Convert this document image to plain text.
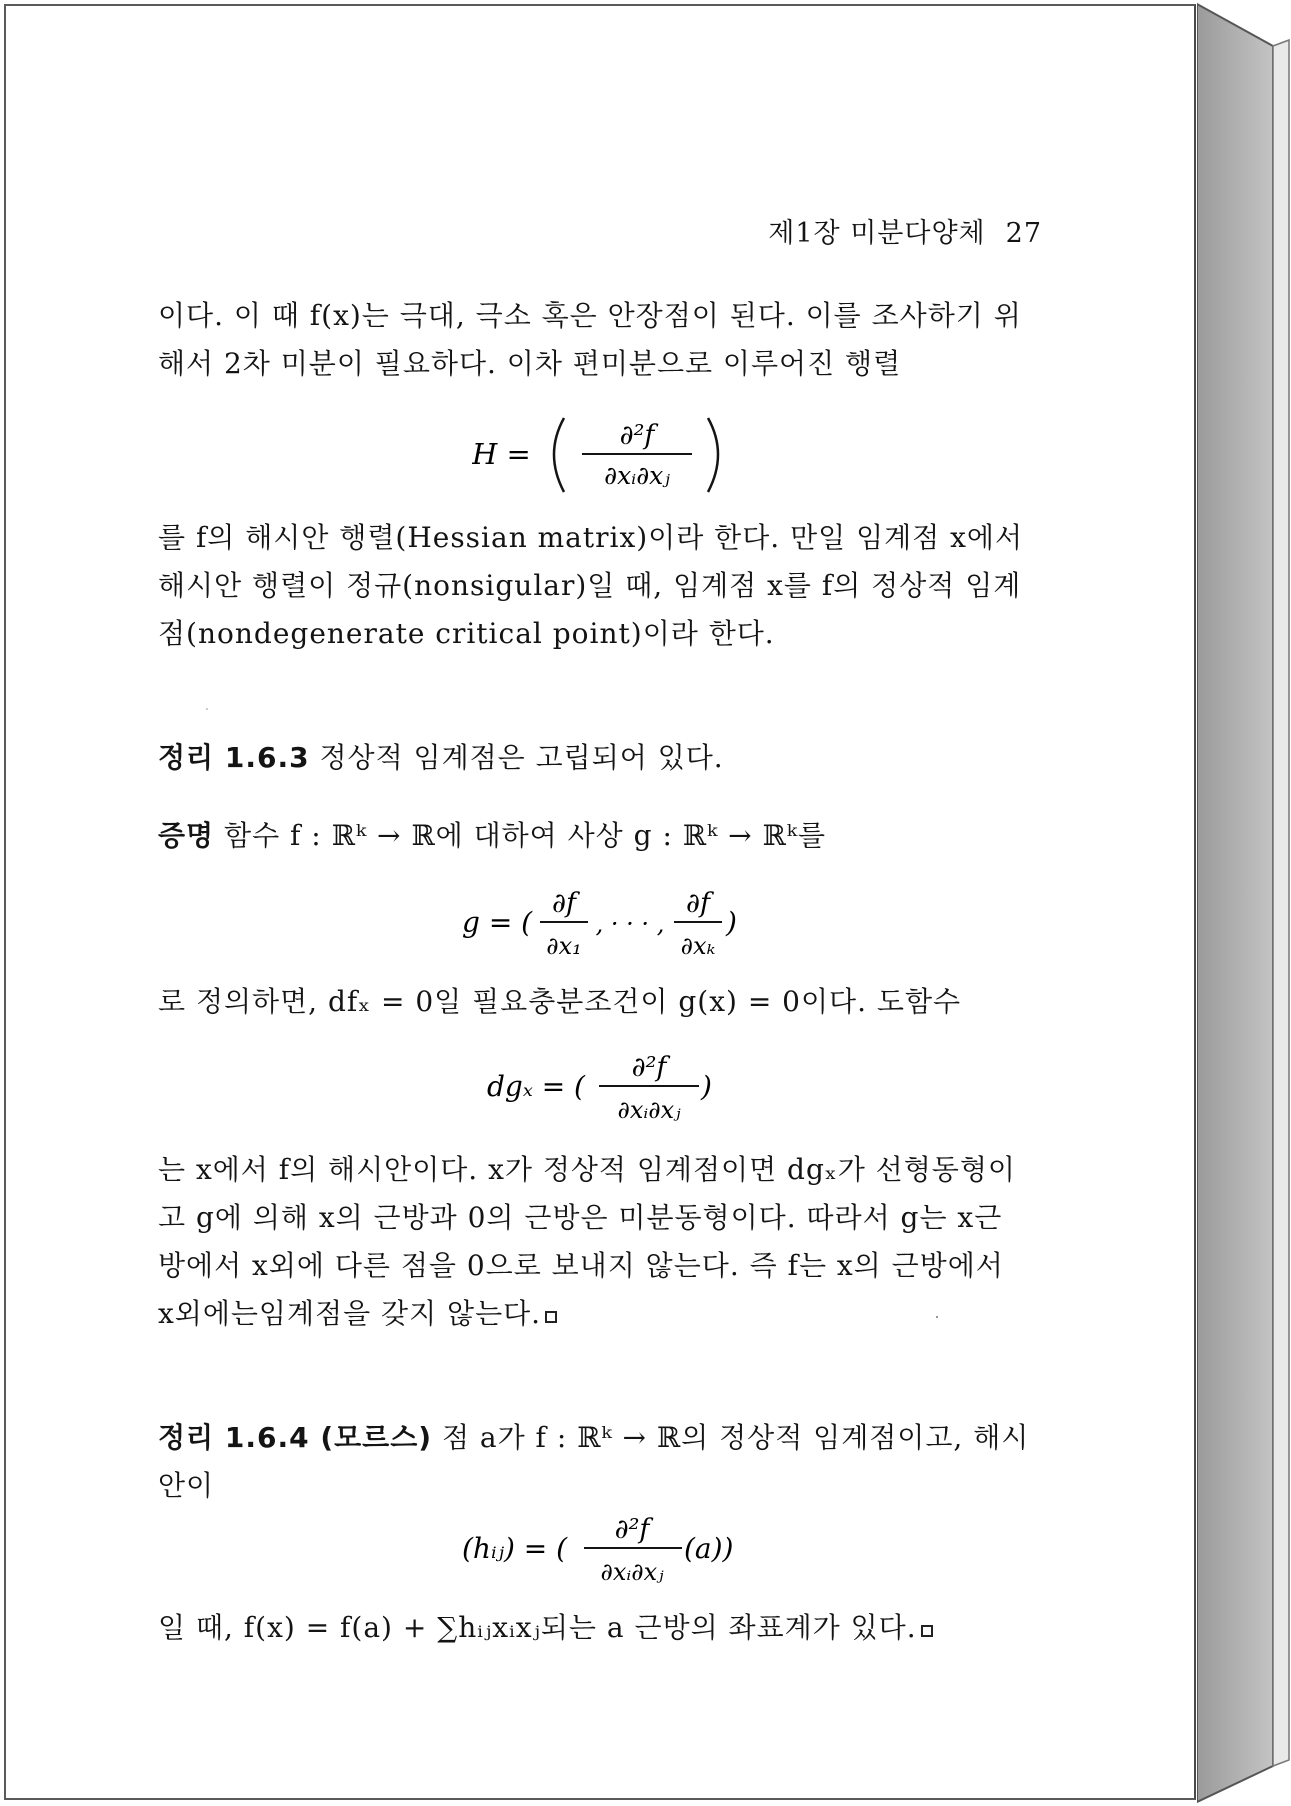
제1장 미분다양체 27
이다. 이 때 f(x)는 극대, 극소 혹은 안장점이 된다. 이를 조사하기 위
해서 2차 미분이 필요하다. 이차 편미분으로 이루어진 행렬
H =
∂²f
∂xᵢ∂xⱼ
를 f의 해시안 행렬(Hessian matrix)이라 한다. 만일 임계점 x에서
해시안 행렬이 정규(nonsigular)일 때, 임계점 x를 f의 정상적 임계
점(nondegenerate critical point)이라 한다.
정리 1.6.3 정상적 임계점은 고립되어 있다.
증명 함수 f : ℝᵏ → ℝ에 대하여 사상 g : ℝᵏ → ℝᵏ를
g = (
∂f
∂x₁
, · · · ,
∂f
∂xₖ
)
로 정의하면, dfₓ = 0일 필요충분조건이 g(x) = 0이다. 도함수
dgₓ = (
∂²f
∂xᵢ∂xⱼ
)
는 x에서 f의 해시안이다. x가 정상적 임계점이면 dgₓ가 선형동형이
고 g에 의해 x의 근방과 0의 근방은 미분동형이다. 따라서 g는 x근
방에서 x외에 다른 점을 0으로 보내지 않는다. 즉 f는 x의 근방에서
x외에는임계점을 갖지 않는다.
정리 1.6.4 (모르스) 점 a가 f : ℝᵏ → ℝ의 정상적 임계점이고, 해시
안이
(hᵢⱼ) = (
∂²f
∂xᵢ∂xⱼ
(a))
일 때, f(x) = f(a) + ∑hᵢⱼxᵢxⱼ되는 a 근방의 좌표계가 있다.
